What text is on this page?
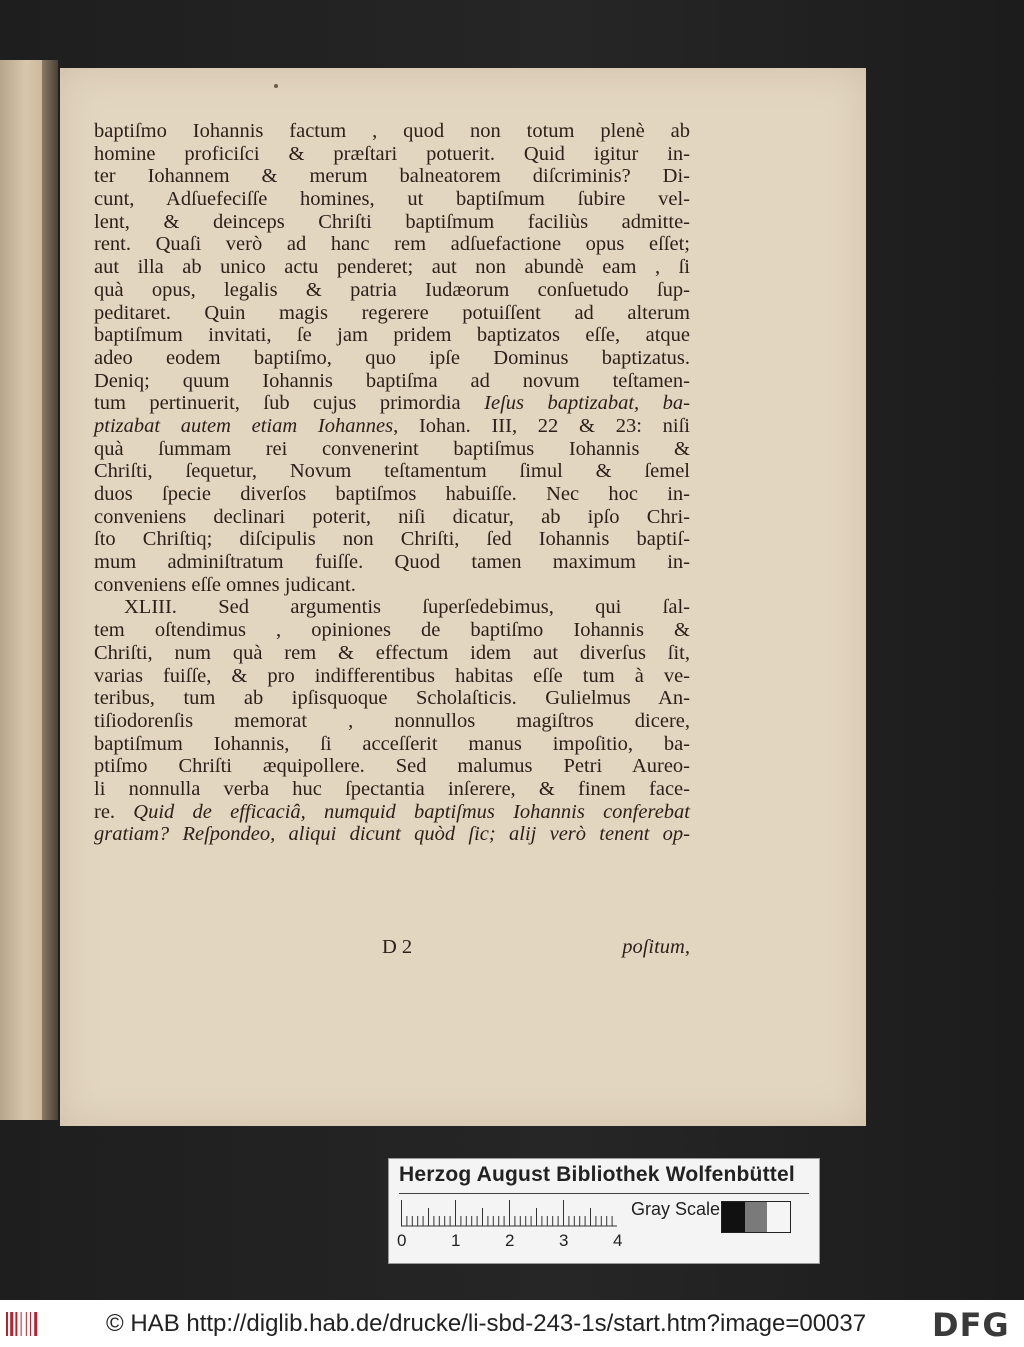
baptiſmo Iohannis factum , quod non totum plenè ab
homine proficiſci & præſtari potuerit. Quid igitur in-
ter Iohannem & merum balneatorem diſcriminis? Di-
cunt, Adſuefeciſſe homines, ut baptiſmum ſubire vel-
lent, & deinceps Chriſti baptiſmum faciliùs admitte-
rent. Quaſi verò ad hanc rem adſuefactione opus eſſet;
aut illa ab unico actu penderet; aut non abundè eam , ſi
quà opus, legalis & patria Iudæorum conſuetudo ſup-
peditaret. Quin magis regerere potuiſſent ad alterum
baptiſmum invitati, ſe jam pridem baptizatos eſſe, atque
adeo eodem baptiſmo, quo ipſe Dominus baptizatus.
Deniq; quum Iohannis baptiſma ad novum teſtamen-
tum pertinuerit, ſub cujus primordia Ieſus baptizabat, ba-
ptizabat autem etiam Iohannes, Iohan. III, 22 & 23: niſi
quà ſummam rei convenerint baptiſmus Iohannis &
Chriſti, ſequetur, Novum teſtamentum ſimul & ſemel
duos ſpecie diverſos baptiſmos habuiſſe. Nec hoc in-
conveniens declinari poterit, niſi dicatur, ab ipſo Chri-
ſto Chriſtiq; diſcipulis non Chriſti, ſed Iohannis baptiſ-
mum adminiſtratum fuiſſe. Quod tamen maximum in-
conveniens eſſe omnes judicant.
XLIII. Sed argumentis ſuperſedebimus, qui ſal-
tem oſtendimus , opiniones de baptiſmo Iohannis &
Chriſti, num quà rem & effectum idem aut diverſus ſit,
varias fuiſſe, & pro indifferentibus habitas eſſe tum à ve-
teribus, tum ab ipſisquoque Scholaſticis. Gulielmus An-
tiſiodorenſis memorat , nonnullos magiſtros dicere,
baptiſmum Iohannis, ſi acceſſerit manus impoſitio, ba-
ptiſmo Chriſti æquipollere. Sed malumus Petri Aureo-
li nonnulla verba huc ſpectantia inſerere, & finem face-
re. Quid de efficaciâ, numquid baptiſmus Iohannis conferebat
gratiam? Reſpondeo, aliqui dicunt quòd ſic; alij verò tenent op-
D 2	poſitum,
Herzog August Bibliothek Wolfenbüttel
0	1	2	3	4
Gray Scale
© HAB http://diglib.hab.de/drucke/li-sbd-243-1s/start.htm?image=00037 DFG
